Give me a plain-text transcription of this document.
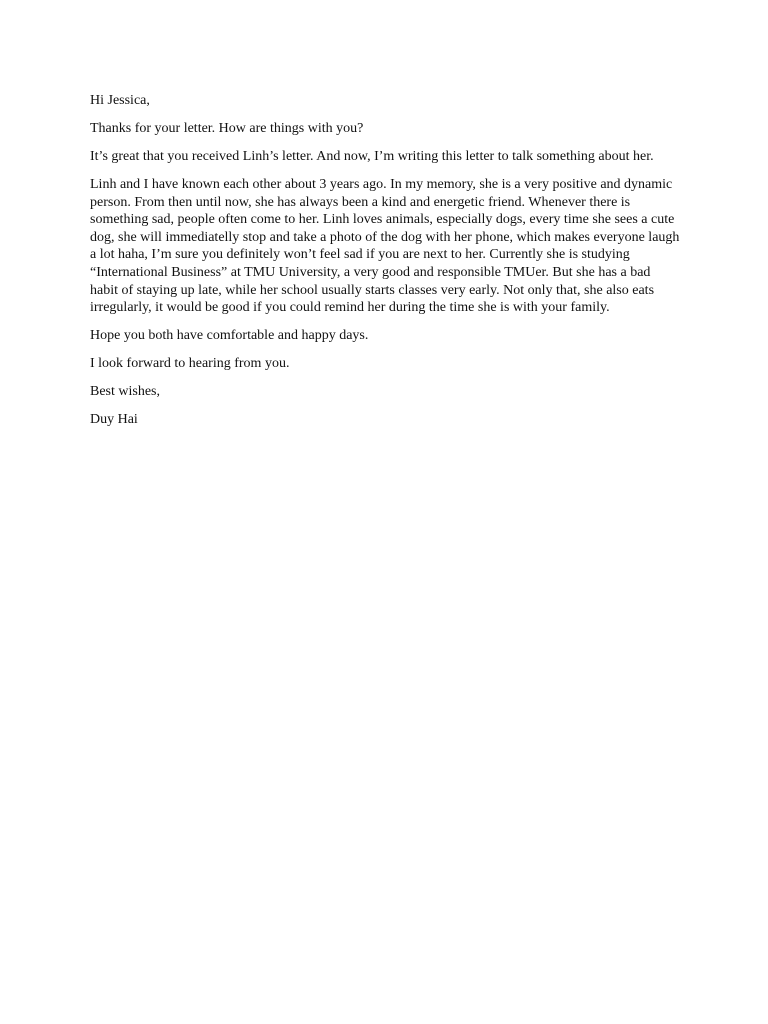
Hi Jessica,

Thanks for your letter. How are things with you?

It’s great that you received Linh’s letter. And now, I’m writing this letter to talk something about her.

Linh and I have known each other about 3 years ago. In my memory, she is a very positive and dynamic person. From then until now, she has always been a kind and energetic friend. Whenever there is something sad, people often come to her. Linh loves animals, especially dogs, every time she sees a cute dog, she will immediatelly stop and take a photo of the dog with her phone, which makes everyone laugh a lot haha, I’m sure you definitely won’t feel sad if you are next to her. Currently she is studying “International Business” at TMU University, a very good and responsible TMUer. But she has a bad habit of staying up late, while her school usually starts classes very early. Not only that, she also eats irregularly, it would be good if you could remind her during the time she is with your family.

Hope you both have comfortable and happy days.

I look forward to hearing from you.

Best wishes,

Duy Hai
